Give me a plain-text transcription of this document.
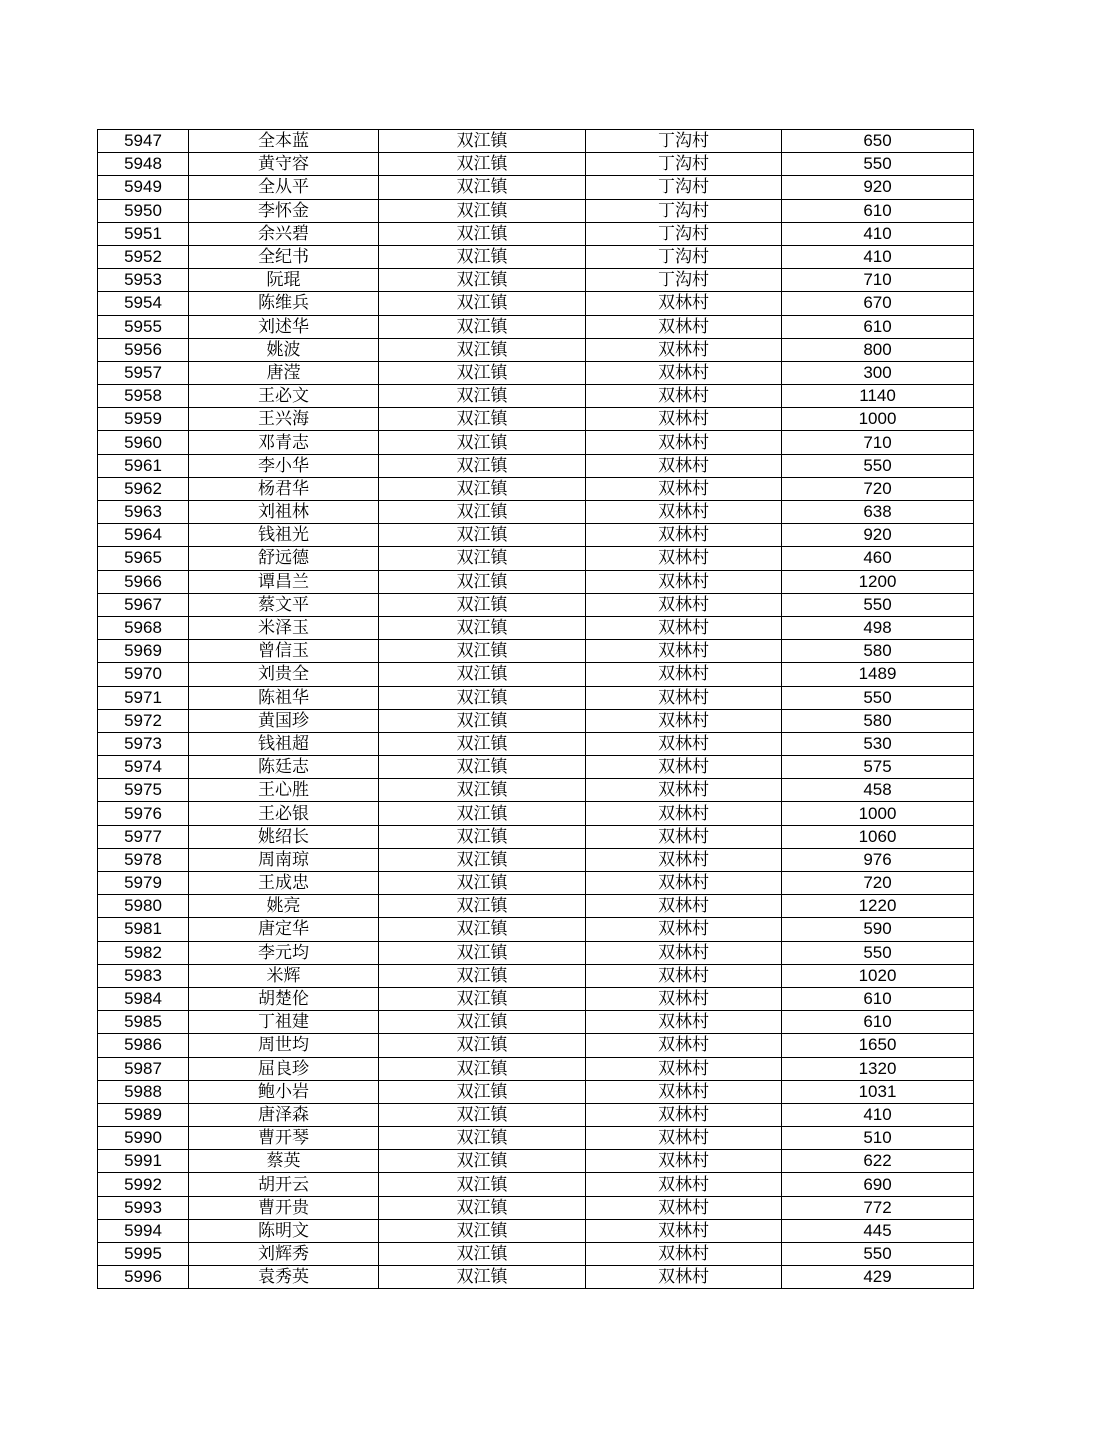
5947	全本蓝	双江镇	丁沟村	650
5948	黄守容	双江镇	丁沟村	550
5949	全从平	双江镇	丁沟村	920
5950	李怀金	双江镇	丁沟村	610
5951	余兴碧	双江镇	丁沟村	410
5952	全纪书	双江镇	丁沟村	410
5953	阮琨	双江镇	丁沟村	710
5954	陈维兵	双江镇	双林村	670
5955	刘述华	双江镇	双林村	610
5956	姚波	双江镇	双林村	800
5957	唐滢	双江镇	双林村	300
5958	王必文	双江镇	双林村	1140
5959	王兴海	双江镇	双林村	1000
5960	邓青志	双江镇	双林村	710
5961	李小华	双江镇	双林村	550
5962	杨君华	双江镇	双林村	720
5963	刘祖林	双江镇	双林村	638
5964	钱祖光	双江镇	双林村	920
5965	舒远德	双江镇	双林村	460
5966	谭昌兰	双江镇	双林村	1200
5967	蔡文平	双江镇	双林村	550
5968	米泽玉	双江镇	双林村	498
5969	曾信玉	双江镇	双林村	580
5970	刘贵全	双江镇	双林村	1489
5971	陈祖华	双江镇	双林村	550
5972	黄国珍	双江镇	双林村	580
5973	钱祖超	双江镇	双林村	530
5974	陈廷志	双江镇	双林村	575
5975	王心胜	双江镇	双林村	458
5976	王必银	双江镇	双林村	1000
5977	姚绍长	双江镇	双林村	1060
5978	周南琼	双江镇	双林村	976
5979	王成忠	双江镇	双林村	720
5980	姚亮	双江镇	双林村	1220
5981	唐定华	双江镇	双林村	590
5982	李元均	双江镇	双林村	550
5983	米辉	双江镇	双林村	1020
5984	胡楚伦	双江镇	双林村	610
5985	丁祖建	双江镇	双林村	610
5986	周世均	双江镇	双林村	1650
5987	屈良珍	双江镇	双林村	1320
5988	鲍小岩	双江镇	双林村	1031
5989	唐泽森	双江镇	双林村	410
5990	曹开琴	双江镇	双林村	510
5991	蔡英	双江镇	双林村	622
5992	胡开云	双江镇	双林村	690
5993	曹开贵	双江镇	双林村	772
5994	陈明文	双江镇	双林村	445
5995	刘辉秀	双江镇	双林村	550
5996	袁秀英	双江镇	双林村	429
